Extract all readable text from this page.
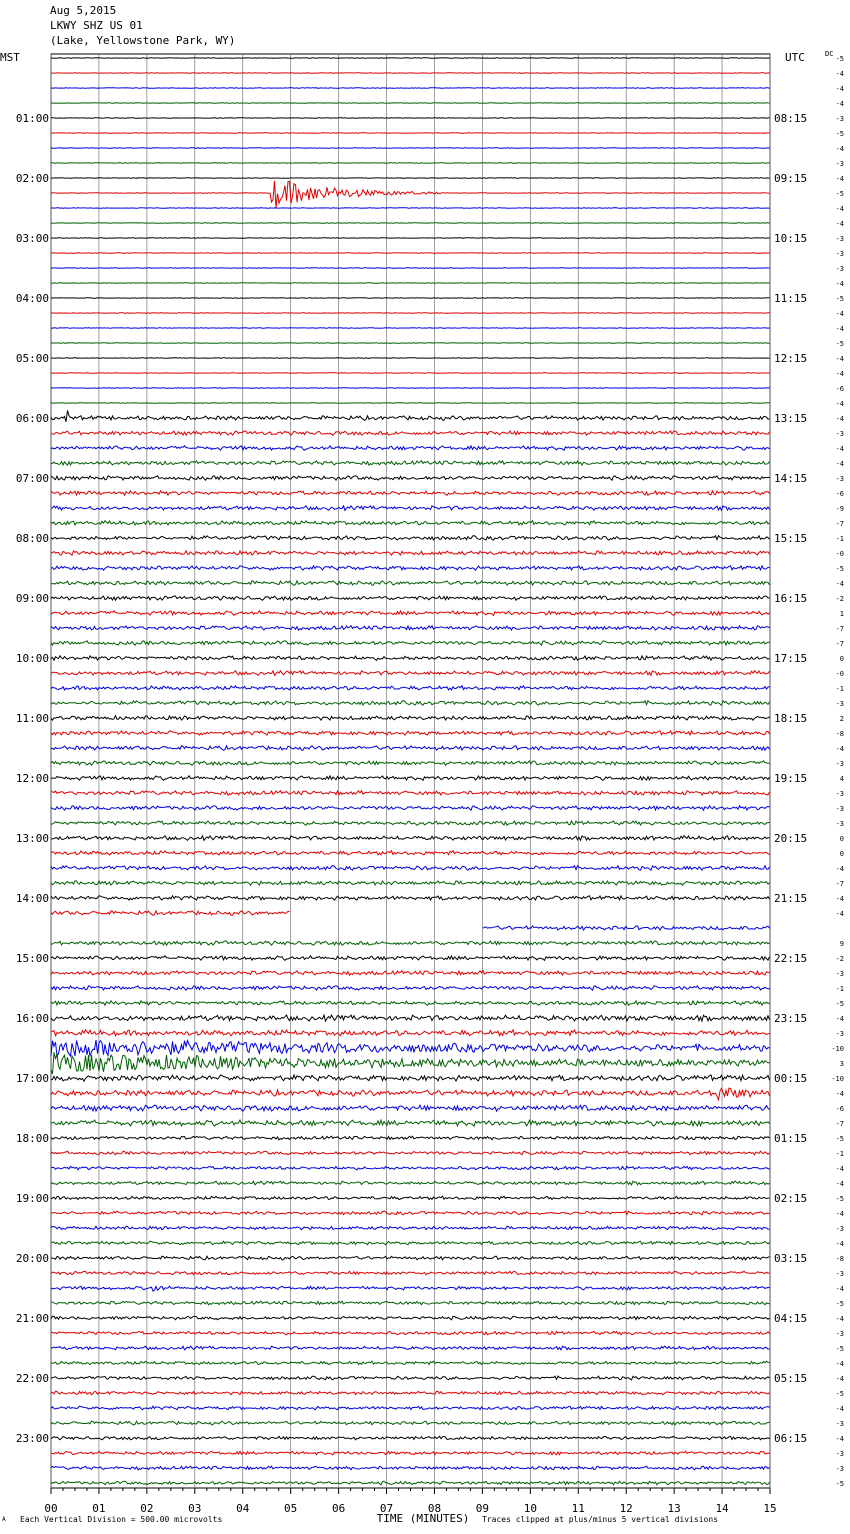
Aug 5,2015
LKWY SHZ US 01
(Lake, Yellowstone Park, WY)
00	01	02	03	04	05	06	07	08	09	10	11	12	13	14	15
-5
-4
-4
-4
01:00	08:15	-3
-5
-4
-3
02:00	09:15	-4
-5
-4
-4
03:00	10:15	-3
-3
-3
-4
04:00	11:15	-5
-4
-4
-5
05:00	12:15	-4
-4
-6
-4
06:00	13:15	-4
-3
-4
-4
07:00	14:15	-3
-6
-9
-7
08:00	15:15	-1
-0
-5
-4
09:00	16:15	-2
1
-7
-7
10:00	17:15	0
-0
-1
-3
11:00	18:15	2
-8
-4
-3
12:00	19:15	4
-3
-3
-3
13:00	20:15	0
0
-4
-7
14:00	21:15	-4
-4
9
15:00	22:15	-2
-3
-1
-5
16:00	23:15	-4
-3
-10
3
17:00	00:15	-10
-4
-6
-7
18:00	01:15	-5
-1
-4
-4
19:00	02:15	-5
-4
-3
-4
20:00	03:15	-8
-3
-4
-5
21:00	04:15	-4
-3
-5
-4
22:00	05:15	-4
-5
-4
-3
23:00	06:15	-4
-3
-3
-5
MST	UTC	DC
TIME (MINUTES)
A Each Vertical Division = 500.00 microvolts	Traces clipped at plus/minus 5 vertical divisions
